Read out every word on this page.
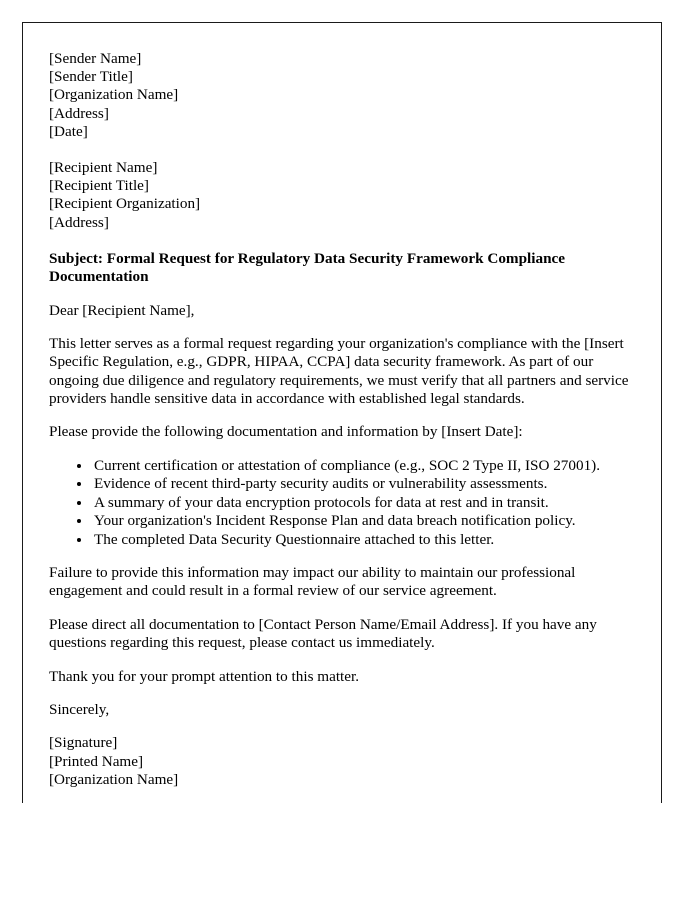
[Sender Name]
[Sender Title]
[Organization Name]
[Address]
[Date]
[Recipient Name]
[Recipient Title]
[Recipient Organization]
[Address]

Subject: Formal Request for Regulatory Data Security Framework Compliance Documentation

Dear [Recipient Name],

This letter serves as a formal request regarding your organization's compliance with the [Insert Specific Regulation, e.g., GDPR, HIPAA, CCPA] data security framework. As part of our ongoing due diligence and regulatory requirements, we must verify that all partners and service providers handle sensitive data in accordance with established legal standards.

Please provide the following documentation and information by [Insert Date]:

• Current certification or attestation of compliance (e.g., SOC 2 Type II, ISO 27001).
• Evidence of recent third-party security audits or vulnerability assessments.
• A summary of your data encryption protocols for data at rest and in transit.
• Your organization's Incident Response Plan and data breach notification policy.
• The completed Data Security Questionnaire attached to this letter.

Failure to provide this information may impact our ability to maintain our professional engagement and could result in a formal review of our service agreement.

Please direct all documentation to [Contact Person Name/Email Address]. If you have any questions regarding this request, please contact us immediately.

Thank you for your prompt attention to this matter.

Sincerely,

[Signature]
[Printed Name]
[Organization Name]
